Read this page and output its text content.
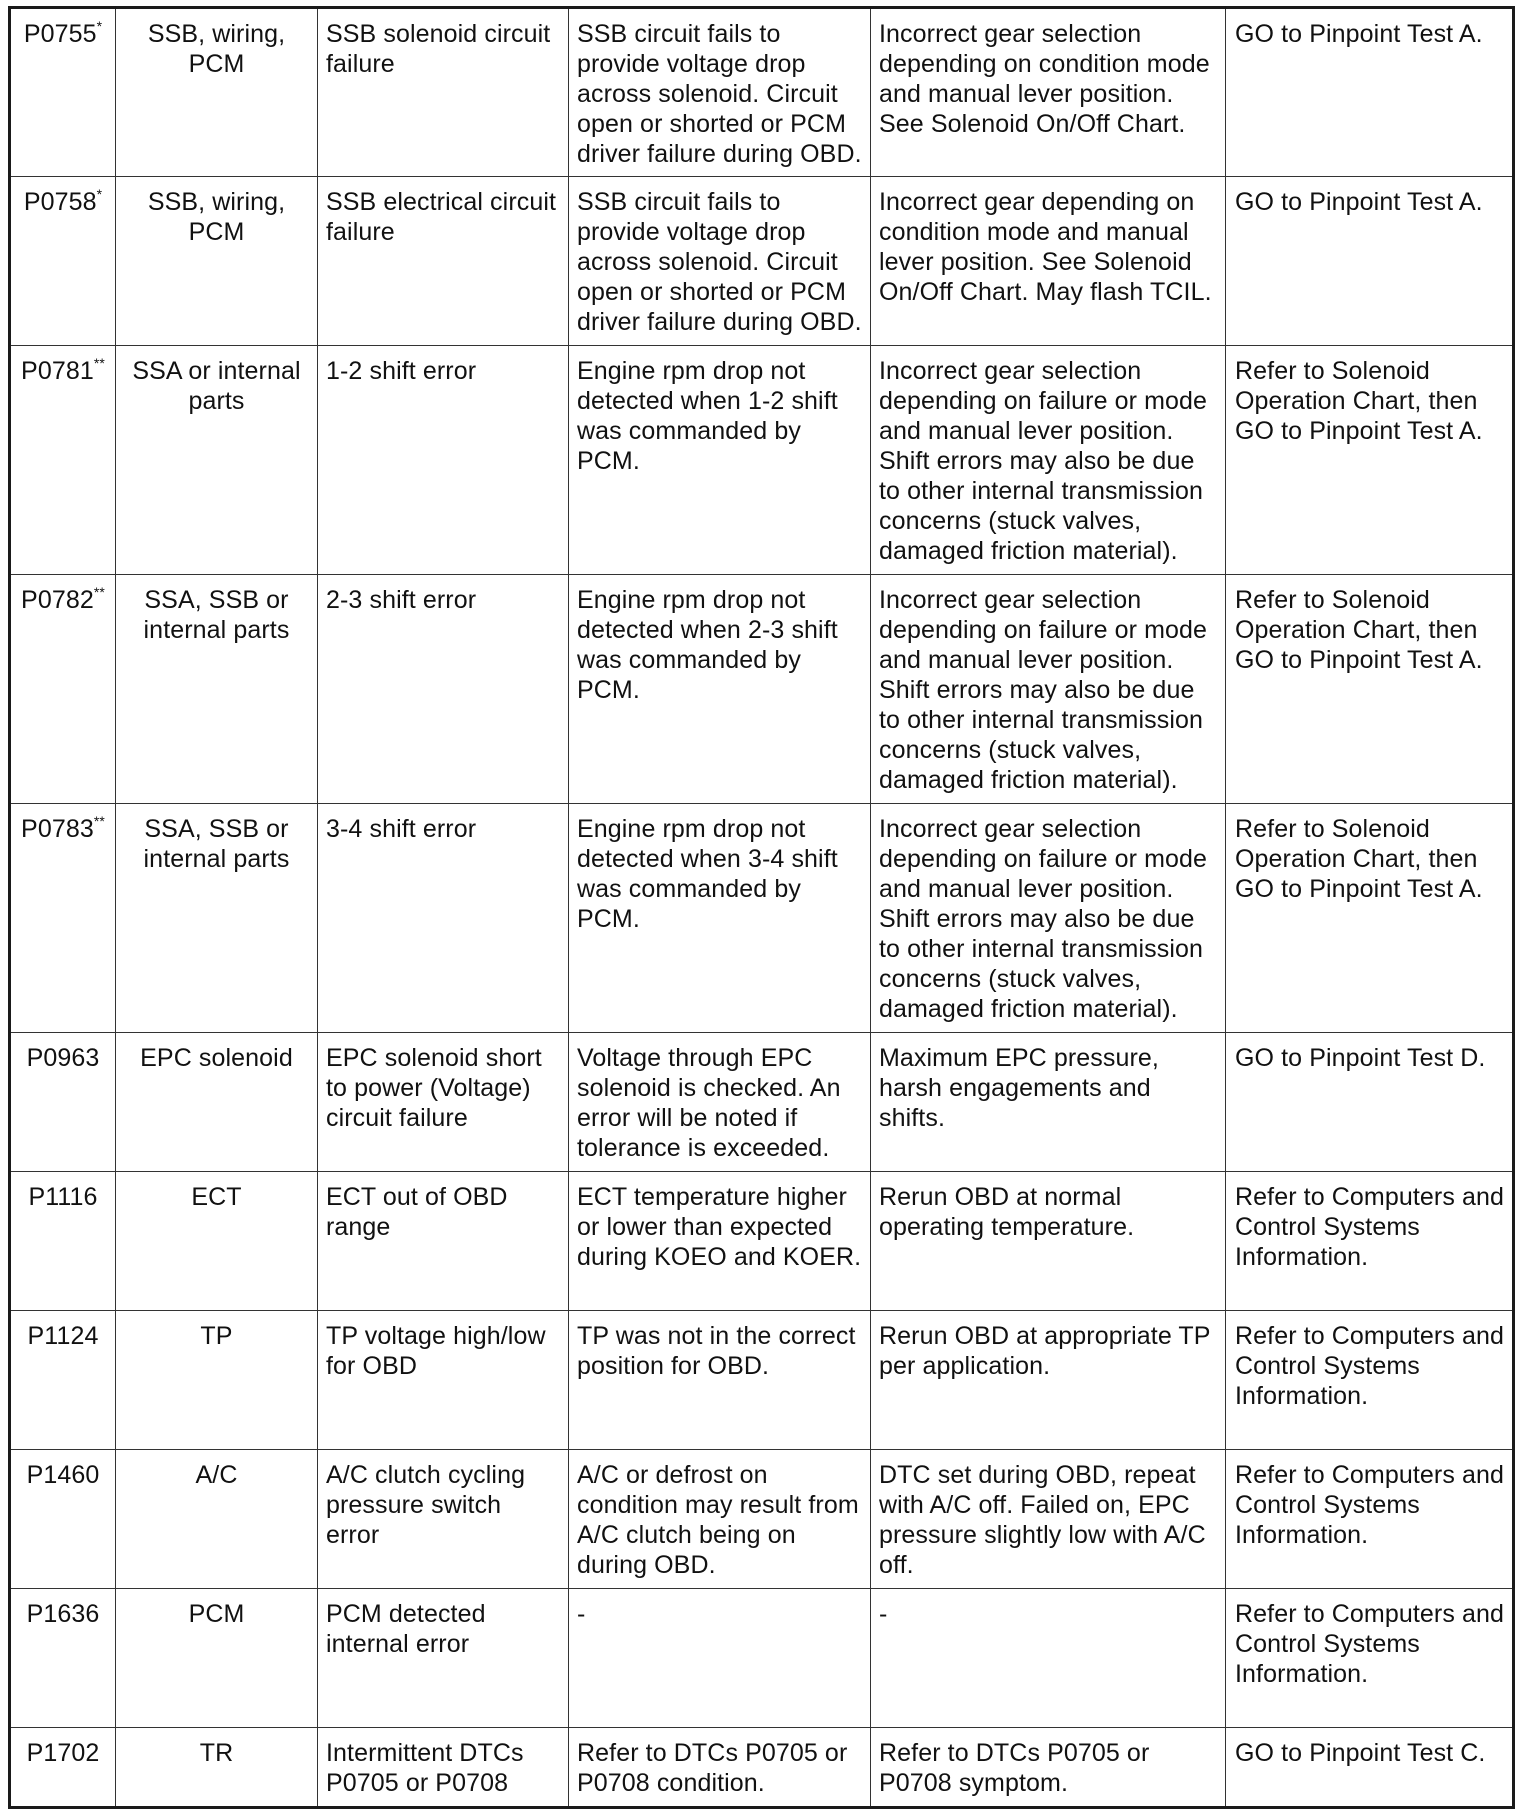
P0755*	SSB, wiring, PCM	SSB solenoid circuit failure	SSB circuit fails to provide voltage drop across solenoid. Circuit open or shorted or PCM driver failure during OBD.	Incorrect gear selection depending on condition mode and manual lever position. See Solenoid On/Off Chart.	GO to Pinpoint Test A.
P0758*	SSB, wiring, PCM	SSB electrical circuit failure	SSB circuit fails to provide voltage drop across solenoid. Circuit open or shorted or PCM driver failure during OBD.	Incorrect gear depending on condition mode and manual lever position. See Solenoid On/Off Chart. May flash TCIL.	GO to Pinpoint Test A.
P0781**	SSA or internal parts	1-2 shift error	Engine rpm drop not detected when 1-2 shift was commanded by PCM.	Incorrect gear selection depending on failure or mode and manual lever position. Shift errors may also be due to other internal transmission concerns (stuck valves, damaged friction material).	Refer to Solenoid Operation Chart, then GO to Pinpoint Test A.
P0782**	SSA, SSB or internal parts	2-3 shift error	Engine rpm drop not detected when 2-3 shift was commanded by PCM.	Incorrect gear selection depending on failure or mode and manual lever position. Shift errors may also be due to other internal transmission concerns (stuck valves, damaged friction material).	Refer to Solenoid Operation Chart, then GO to Pinpoint Test A.
P0783**	SSA, SSB or internal parts	3-4 shift error	Engine rpm drop not detected when 3-4 shift was commanded by PCM.	Incorrect gear selection depending on failure or mode and manual lever position. Shift errors may also be due to other internal transmission concerns (stuck valves, damaged friction material).	Refer to Solenoid Operation Chart, then GO to Pinpoint Test A.
P0963	EPC solenoid	EPC solenoid short to power (Voltage) circuit failure	Voltage through EPC solenoid is checked. An error will be noted if tolerance is exceeded.	Maximum EPC pressure, harsh engagements and shifts.	GO to Pinpoint Test D.
P1116	ECT	ECT out of OBD range	ECT temperature higher or lower than expected during KOEO and KOER.	Rerun OBD at normal operating temperature.	Refer to Computers and Control Systems Information.
P1124	TP	TP voltage high/low for OBD	TP was not in the correct position for OBD.	Rerun OBD at appropriate TP per application.	Refer to Computers and Control Systems Information.
P1460	A/C	A/C clutch cycling pressure switch error	A/C or defrost on condition may result from A/C clutch being on during OBD.	DTC set during OBD, repeat with A/C off. Failed on, EPC pressure slightly low with A/C off.	Refer to Computers and Control Systems Information.
P1636	PCM	PCM detected internal error	-	-	Refer to Computers and Control Systems Information.
P1702	TR	Intermittent DTCs P0705 or P0708	Refer to DTCs P0705 or P0708 condition.	Refer to DTCs P0705 or P0708 symptom.	GO to Pinpoint Test C.
